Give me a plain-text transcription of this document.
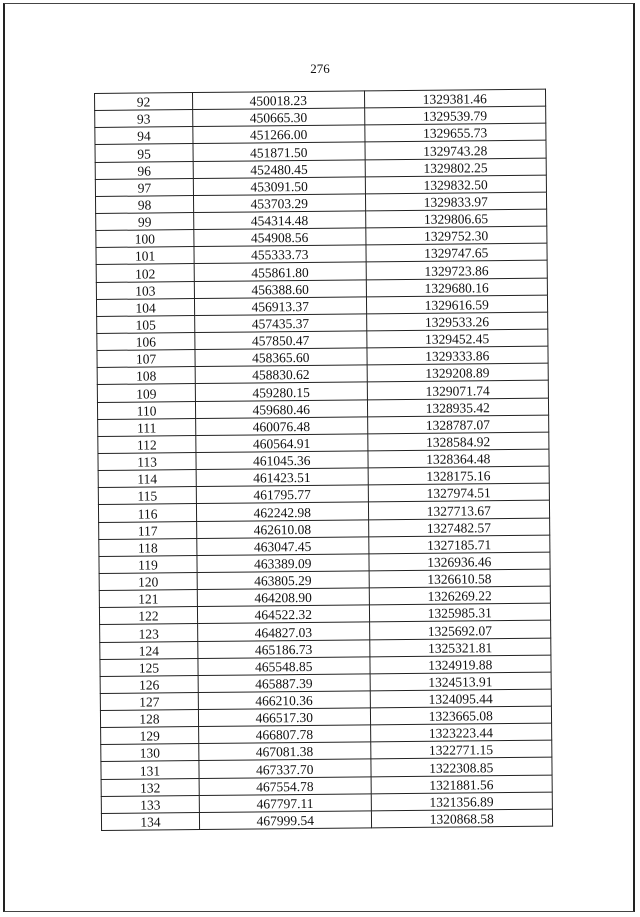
276
92	450018.23	1329381.46
93	450665.30	1329539.79
94	451266.00	1329655.73
95	451871.50	1329743.28
96	452480.45	1329802.25
97	453091.50	1329832.50
98	453703.29	1329833.97
99	454314.48	1329806.65
100	454908.56	1329752.30
101	455333.73	1329747.65
102	455861.80	1329723.86
103	456388.60	1329680.16
104	456913.37	1329616.59
105	457435.37	1329533.26
106	457850.47	1329452.45
107	458365.60	1329333.86
108	458830.62	1329208.89
109	459280.15	1329071.74
110	459680.46	1328935.42
111	460076.48	1328787.07
112	460564.91	1328584.92
113	461045.36	1328364.48
114	461423.51	1328175.16
115	461795.77	1327974.51
116	462242.98	1327713.67
117	462610.08	1327482.57
118	463047.45	1327185.71
119	463389.09	1326936.46
120	463805.29	1326610.58
121	464208.90	1326269.22
122	464522.32	1325985.31
123	464827.03	1325692.07
124	465186.73	1325321.81
125	465548.85	1324919.88
126	465887.39	1324513.91
127	466210.36	1324095.44
128	466517.30	1323665.08
129	466807.78	1323223.44
130	467081.38	1322771.15
131	467337.70	1322308.85
132	467554.78	1321881.56
133	467797.11	1321356.89
134	467999.54	1320868.58
